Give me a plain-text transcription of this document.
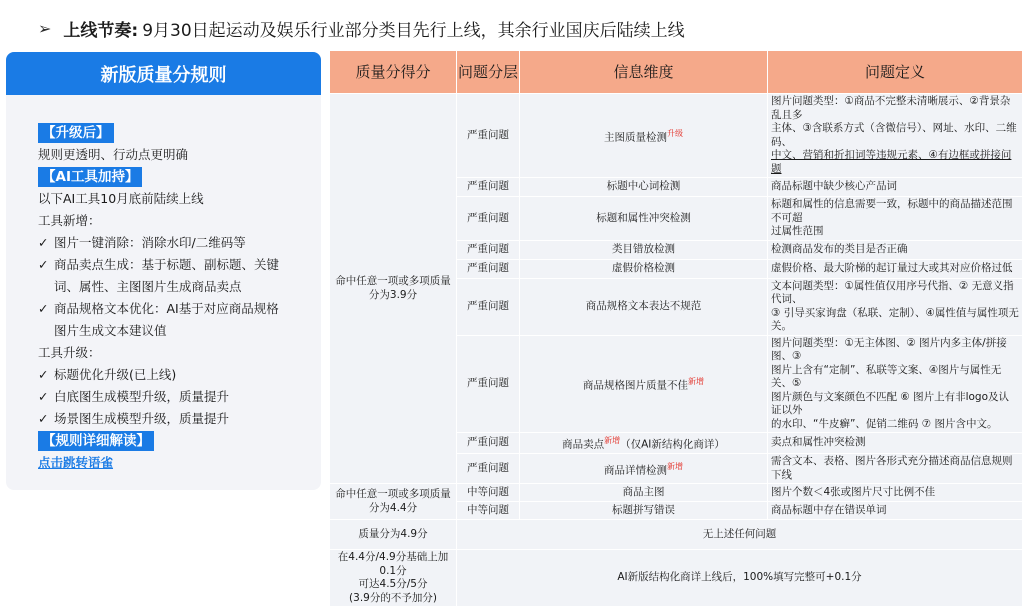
➢ 上线节奏: 9月30日起运动及娱乐行业部分类目先行上线，其余行业国庆后陆续上线
新版质量分规则
【升级后】
规则更透明、行动点更明确
【AI工具加持】
以下AI工具10月底前陆续上线
工具新增：
✓ 图片一键消除：消除水印/二维码等
✓ 商品卖点生成：基于标题、副标题、关键
词、属性、主图图片生成商品卖点
✓ 商品规格文本优化：AI基于对应商品规格
图片生成文本建议值
工具升级：
✓ 标题优化升级(已上线)
✓ 白底图生成模型升级，质量提升
✓ 场景图生成模型升级，质量提升
【规则详细解读】
点击跳转语雀
质量分得分	问题分层	信息维度	问题定义
命中任意一项或多项质量分为3.9分	严重问题	主图质量检测$^{升级}$	图片问题类型：①商品不完整未清晰展示、②背景杂乱且多
主体、③含联系方式（含微信号）、网址、水印、二维码、
中文、营销和折扣词等违规元素、④有边框或拼接问题

	严重问题	标题中心词检测	商品标题中缺少核心产品词
	严重问题	标题和属性冲突检测	标题和属性的信息需要一致，标题中的商品描述范围不可超
过属性范围

	严重问题	类目错放检测	检测商品发布的类目是否正确
	严重问题	虚假价格检测	虚假价格、最大阶梯的起订量过大或其对应价格过低
	严重问题	商品规格文本表达不规范	文本问题类型：①属性值仅用序号代指、② 无意义指代词、
③ 引导买家询盘（私联、定制）、④属性值与属性项无关。

	严重问题	商品规格图片质量不佳$^{新增}$	图片问题类型：①无主体图、② 图片内多主体/拼接图、③
图片上含有“定制”、私联等文案、④图片与属性无关、⑤
图片颜色与文案颜色不匹配 ⑥ 图片上有非logo及认证以外
的水印、“牛皮癣”、促销二维码 ⑦ 图片含中文。

	严重问题	商品卖点$^{新增}$（仅AI新结构化商详）	卖点和属性冲突检测
	严重问题	商品详情检测$^{新增}$	需含文本、表格、图片各形式充分描述商品信息规则下线
命中任意一项或多项质量分为4.4分	中等问题	商品主图	图片个数＜4张或图片尺寸比例不佳
	中等问题	标题拼写错误	商品标题中存在错误单词
质量分为4.9分	无上述任何问题		

在4.4分/4.9分基础上加
0.1分
可达4.5分/5分
(3.9分的不予加分)	AI新版结构化商详上线后，100%填写完整可+0.1分		
